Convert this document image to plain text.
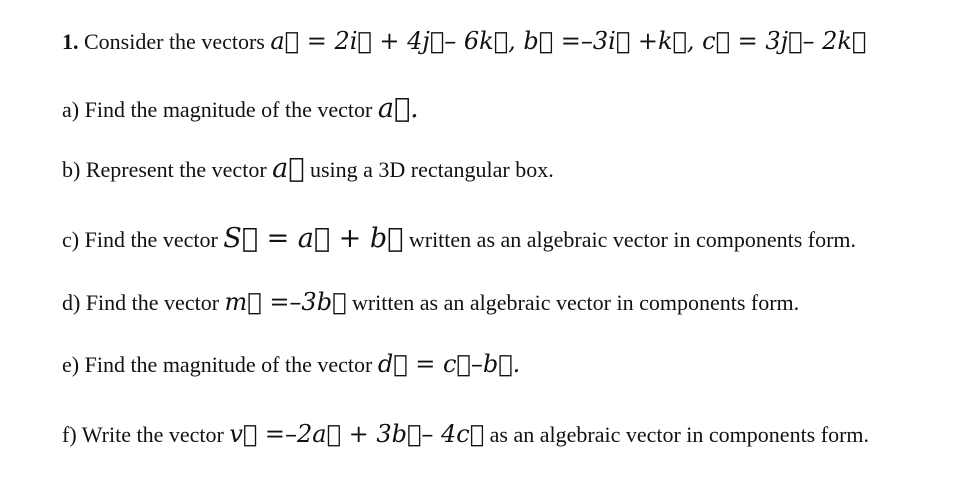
1. Consider the vectors a⃗ = 2i⃗ + 4j⃗– 6k⃗, b⃗ =–3i⃗ +k⃗, c⃗ = 3j⃗– 2k⃗
a) Find the magnitude of the vector a⃗.
b) Represent the vector a⃗ using a 3D rectangular box.
c) Find the vector S⃗ = a⃗ + b⃗ written as an algebraic vector in components form.
d) Find the vector m⃗ =–3b⃗ written as an algebraic vector in components form.
e) Find the magnitude of the vector d⃗ = c⃗–b⃗.
f) Write the vector v⃗ =–2a⃗ + 3b⃗– 4c⃗ as an algebraic vector in components form.
